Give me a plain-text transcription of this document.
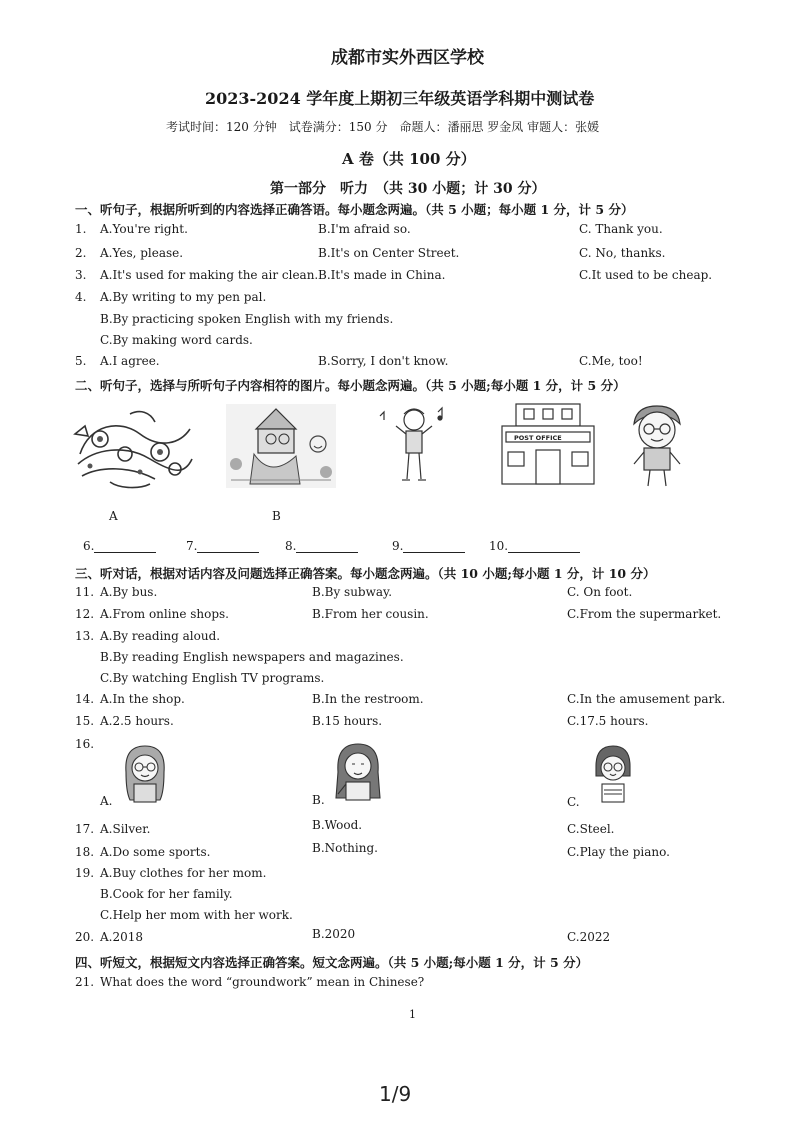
成都市实外西区学校
2023-2024 学年度上期初三年级英语学科期中测试卷
考试时间：120 分钟　试卷满分：150 分　命题人：潘丽思 罗金凤 审题人：张媛
A 卷（共 100 分）
第一部分　听力　（共 30 小题；计 30 分）
一、听句子，根据所听到的内容选择正确答语。每小题念两遍。（共 5 小题；每小题 1 分，计 5 分）
1. A.You're right.	B.I'm afraid so.	C. Thank you.
2. A.Yes, please.	B.It's on Center Street.	C. No, thanks.
3. A.It's used for making the air clean. B.It's made in China.	C.It used to be cheap.
4. A.By writing to my pen pal.
B.By practicing spoken English with my friends.
C.By making word cards.
5. A.I agree.	B.Sorry, I don't know.	C.Me, too!
二、听句子，选择与所听句子内容相符的图片。每小题念两遍。（共 5 小题;每小题 1 分，计 5 分）
A	B
POST OFFICE
6.	7.	8.	9.	10.
三、听对话，根据对话内容及问题选择正确答案。每小题念两遍。（共 10 小题;每小题 1 分，计 10 分）
11. A.By bus.	B.By subway.	C. On foot.
12. A.From online shops.	B.From her cousin.	C.From the supermarket.
13. A.By reading aloud.
B.By reading English newspapers and magazines.
C.By watching English TV programs.
14. A.In the shop.	B.In the restroom.	C.In the amusement park.
15. A.2.5 hours.	B.15 hours.	C.17.5 hours.
16.
A.	B.	C.
17. A.Silver.	B.Wood.	C.Steel.
18. A.Do some sports.	B.Nothing.	C.Play the piano.
19. A.Buy clothes for her mom.
B.Cook for her family.
C.Help her mom with her work.
20. A.2018	B.2020	C.2022
四、听短文，根据短文内容选择正确答案。短文念两遍。（共 5 小题;每小题 1 分，计 5 分）
21. What does the word “groundwork” mean in Chinese?
1
1/9
